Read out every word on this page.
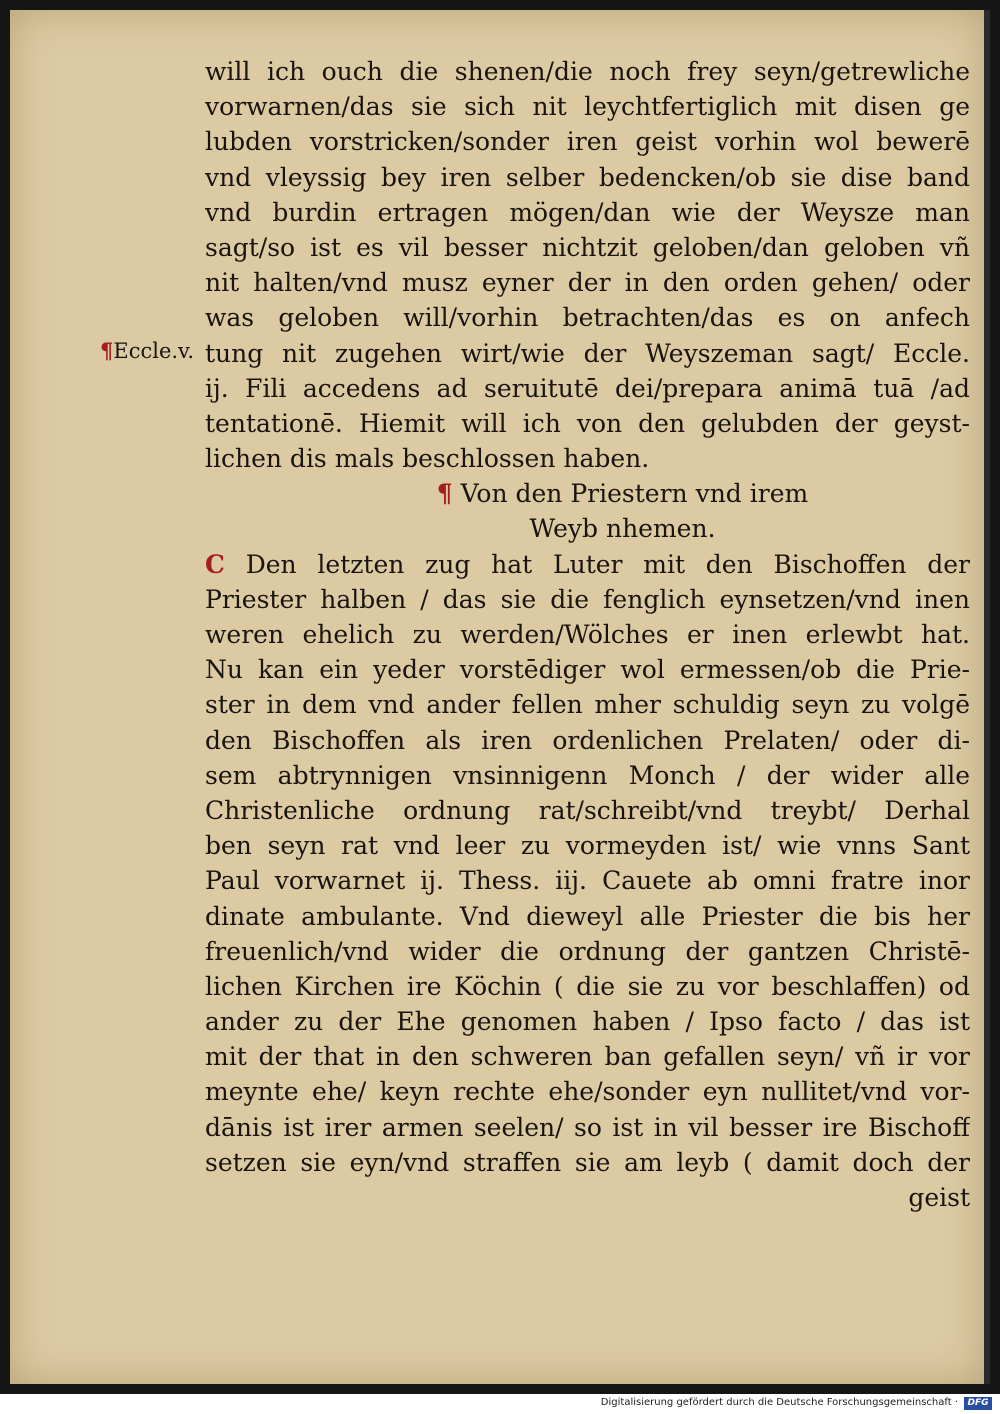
¶Ecclе.v.
will ich ouch die shenen/die noch frey seyn/getrewliche
vorwarnen/das sie sich nit leychtfertiglich mit disen ge
lubden vorstricken/sonder iren geist vorhin wol bewerē
vnd vleyssig bey iren selber bedencken/ob sie dise band
vnd burdin ertragen mögen/dan wie der Weysze man
sagt/so ist es vil besser nichtzit geloben/dan geloben vñ
nit halten/vnd musz eyner der in den orden gehen/ oder
was geloben will/vorhin betrachten/das es on anfech
tung nit zugehen wirt/wie der Weyszeman sagt/ Eccle.
ij. Fili accedens ad seruitutē dei/prepara animā tuā /ad
tentationē. Hiemit will ich von den gelubden der geyst-
lichen dis mals beschlossen haben.
¶ Von den Priestern vnd irem
Weyb nhemen.
C Den letzten zug hat Luter mit den Bischoffen der
Priester halben / das sie die fenglich eynsetzen/vnd inen
weren ehelich zu werden/Wölches er inen erlewbt hat.
Nu kan ein yeder vorstēdiger wol ermessen/ob die Prie-
ster in dem vnd ander fellen mher schuldig seyn zu volgē
den Bischoffen als iren ordenlichen Prelaten/ oder di-
sem abtrynnigen vnsinnigenn Monch / der wider alle
Christenliche ordnung rat/schreibt/vnd treybt/ Derhal
ben seyn rat vnd leer zu vormeyden ist/ wie vnns Sant
Paul vorwarnet ij. Thess. iij. Cauete ab omni fratre inor
dinate ambulante. Vnd dieweyl alle Priester die bis her
freuenlich/vnd wider die ordnung der gantzen Christē-
lichen Kirchen ire Köchin ( die sie zu vor beschlaffen) od
ander zu der Ehe genomen haben / Ipso facto / das ist
mit der that in den schweren ban gefallen seyn/ vñ ir vor
meynte ehe/ keyn rechte ehe/sonder eyn nullitet/vnd vor-
dānis ist irer armen seelen/ so ist in vil besser ire Bischoff
setzen sie eyn/vnd straffen sie am leyb ( damit doch der
geist
Digitalisierung gefördert durch die Deutsche Forschungsgemeinschaft ·	DFG
